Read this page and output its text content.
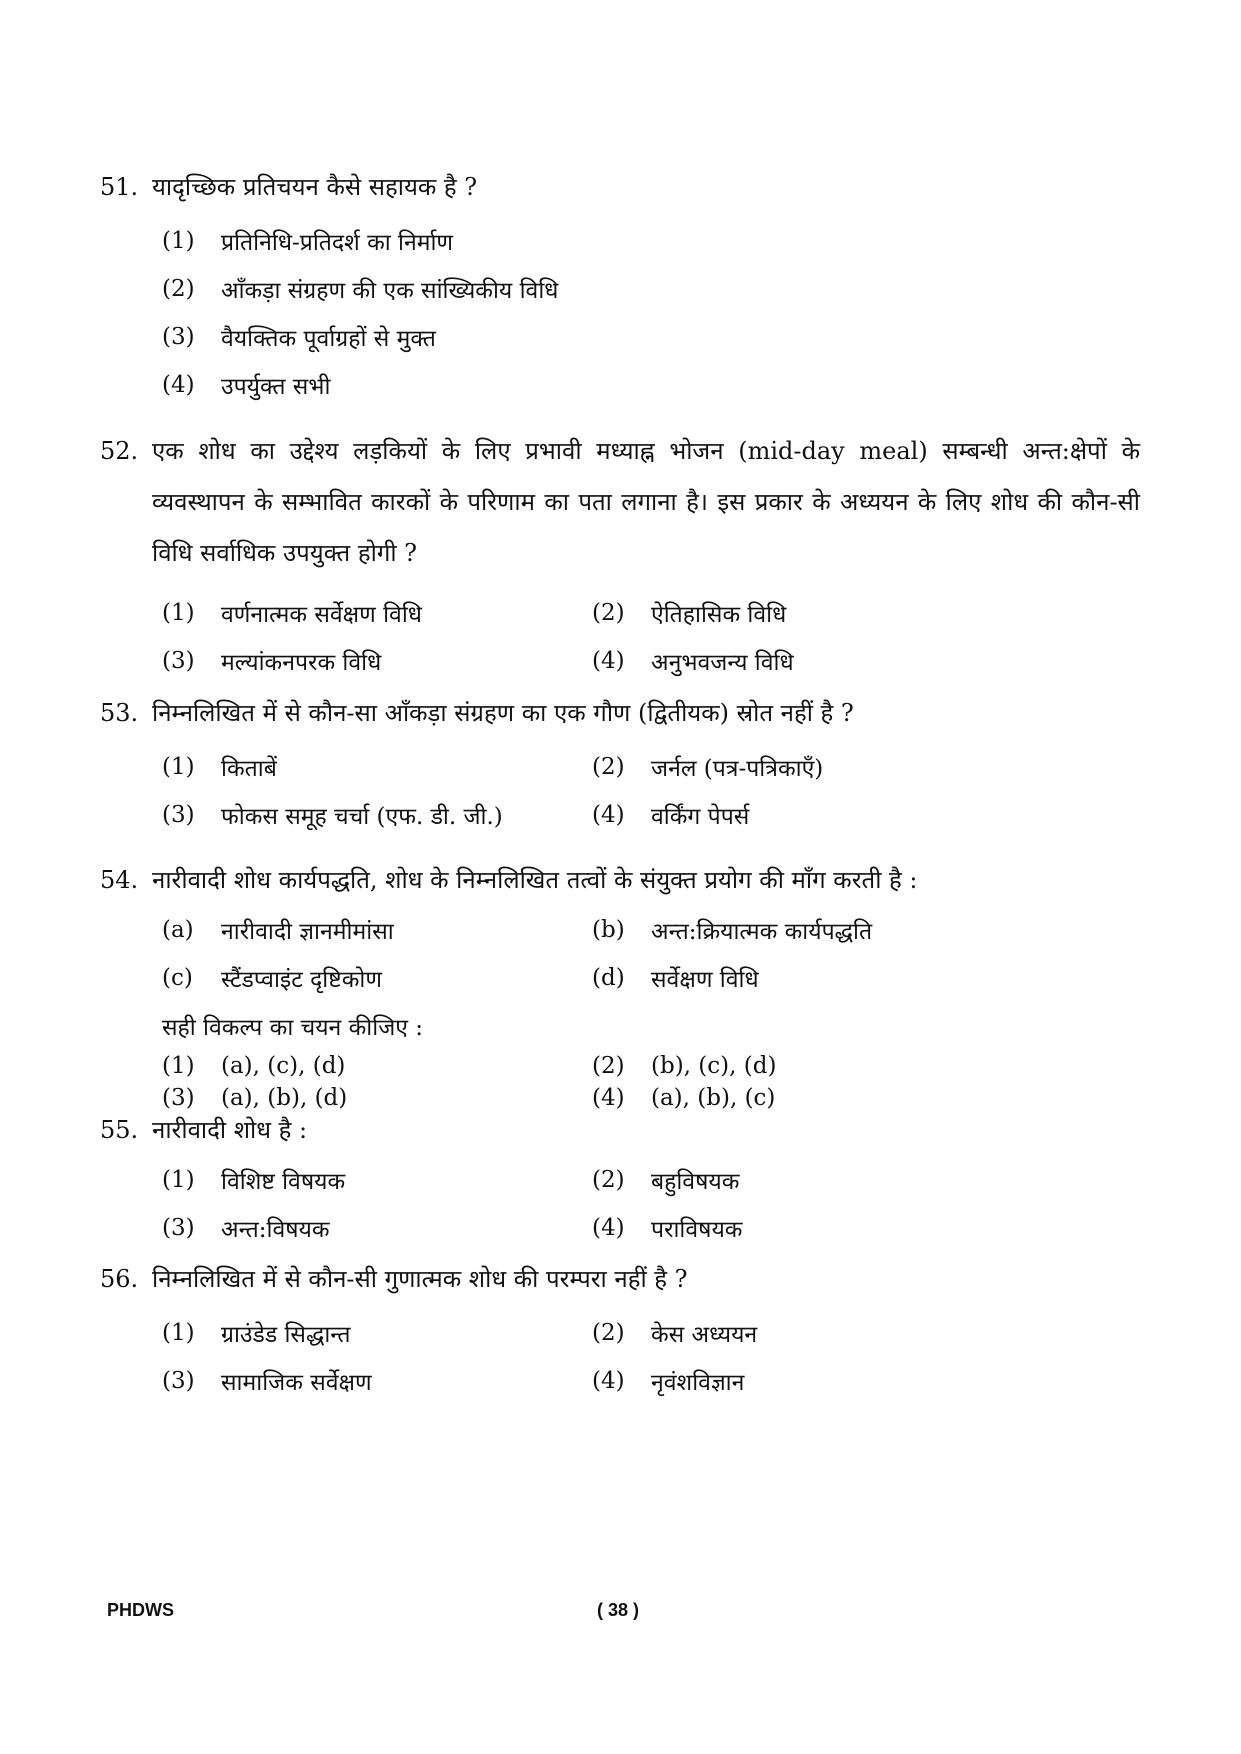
51. यादृच्छिक प्रतिचयन कैसे सहायक है ?
(1)	प्रतिनिधि-प्रतिदर्श का निर्माण
(2)	आँकड़ा संग्रहण की एक सांख्यिकीय विधि
(3)	वैयक्तिक पूर्वाग्रहों से मुक्त
(4)	उपर्युक्त सभी
52. एक शोध का उद्देश्य लड़कियों के लिए प्रभावी मध्याह्न भोजन (mid-day meal) सम्बन्धी अन्त:क्षेपों के व्यवस्थापन के सम्भावित कारकों के परिणाम का पता लगाना है। इस प्रकार के अध्ययन के लिए शोध की कौन-सी विधि सर्वाधिक उपयुक्त होगी ?
(1)	वर्णनात्मक सर्वेक्षण विधि	(2)	ऐतिहासिक विधि
(3)	मल्यांकनपरक विधि	(4)	अनुभवजन्य विधि
53. निम्नलिखित में से कौन-सा आँकड़ा संग्रहण का एक गौण (द्वितीयक) स्रोत नहीं है ?
(1)	किताबें	(2)	जर्नल (पत्र-पत्रिकाएँ)
(3)	फोकस समूह चर्चा (एफ. डी. जी.)	(4)	वर्किंग पेपर्स
54. नारीवादी शोध कार्यपद्धति, शोध के निम्नलिखित तत्वों के संयुक्त प्रयोग की माँग करती है :
(a)	नारीवादी ज्ञानमीमांसा	(b)	अन्त:क्रियात्मक कार्यपद्धति
(c)	स्टैंडप्वाइंट दृष्टिकोण	(d)	सर्वेक्षण विधि
सही विकल्प का चयन कीजिए :
(1)	(a), (c), (d)	(2)	(b), (c), (d)
(3)	(a), (b), (d)	(4)	(a), (b), (c)
55. नारीवादी शोध है :
(1)	विशिष्ट विषयक	(2)	बहुविषयक
(3)	अन्त:विषयक	(4)	पराविषयक
56. निम्नलिखित में से कौन-सी गुणात्मक शोध की परम्परा नहीं है ?
(1)	ग्राउंडेड सिद्धान्त	(2)	केस अध्ययन
(3)	सामाजिक सर्वेक्षण	(4)	नृवंशविज्ञान
PHDWS	( 38 )
